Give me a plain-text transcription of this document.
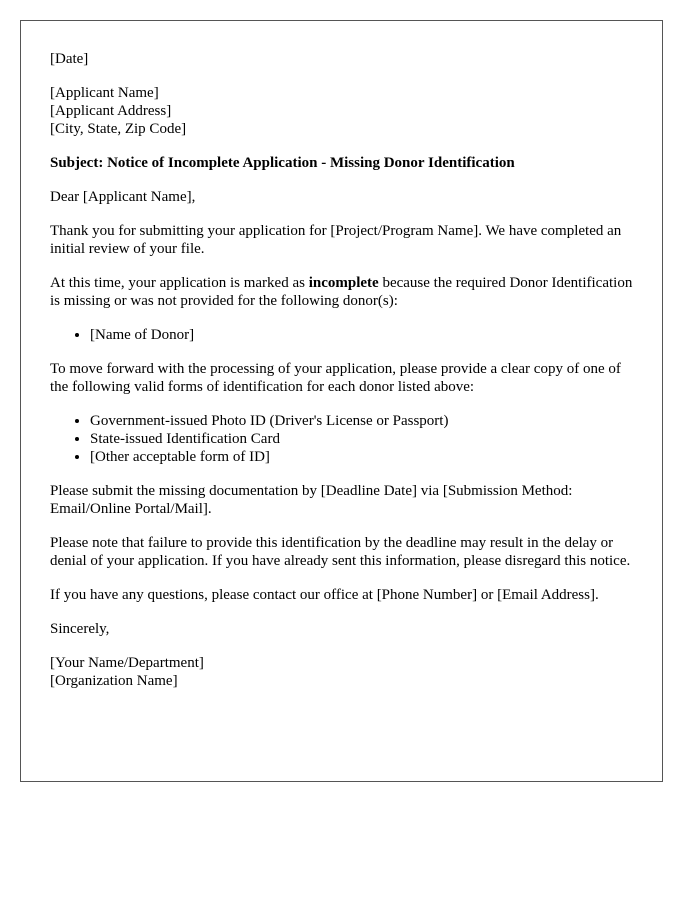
[Date]

[Applicant Name]
[Applicant Address]
[City, State, Zip Code]

Subject: Notice of Incomplete Application - Missing Donor Identification

Dear [Applicant Name],

Thank you for submitting your application for [Project/Program Name]. We have completed an initial review of your file.

At this time, your application is marked as incomplete because the required Donor Identification is missing or was not provided for the following donor(s):

• [Name of Donor]

To move forward with the processing of your application, please provide a clear copy of one of the following valid forms of identification for each donor listed above:

• Government-issued Photo ID (Driver's License or Passport)
• State-issued Identification Card
• [Other acceptable form of ID]

Please submit the missing documentation by [Deadline Date] via [Submission Method: Email/Online Portal/Mail].

Please note that failure to provide this identification by the deadline may result in the delay or denial of your application. If you have already sent this information, please disregard this notice.

If you have any questions, please contact our office at [Phone Number] or [Email Address].

Sincerely,

[Your Name/Department]
[Organization Name]
